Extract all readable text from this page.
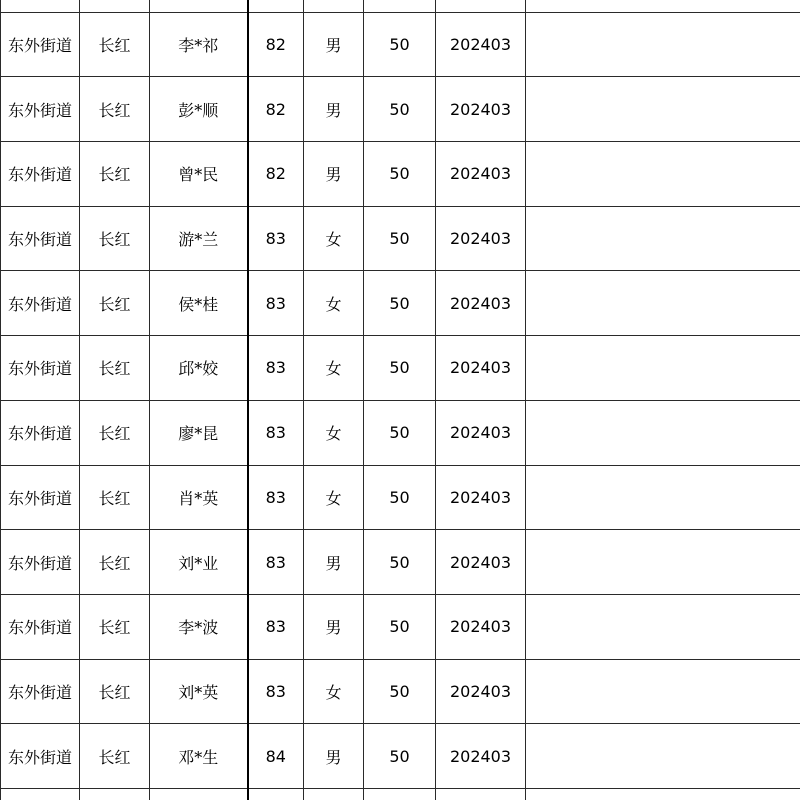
东外街道	长红	李*祁	82	男	50	202403	
东外街道	长红	彭*顺	82	男	50	202403	
东外街道	长红	曾*民	82	男	50	202403	
东外街道	长红	游*兰	83	女	50	202403	
东外街道	长红	侯*桂	83	女	50	202403	
东外街道	长红	邱*姣	83	女	50	202403	
东外街道	长红	廖*昆	83	女	50	202403	
东外街道	长红	肖*英	83	女	50	202403	
东外街道	长红	刘*业	83	男	50	202403	
东外街道	长红	李*波	83	男	50	202403	
东外街道	长红	刘*英	83	女	50	202403	
东外街道	长红	邓*生	84	男	50	202403	
